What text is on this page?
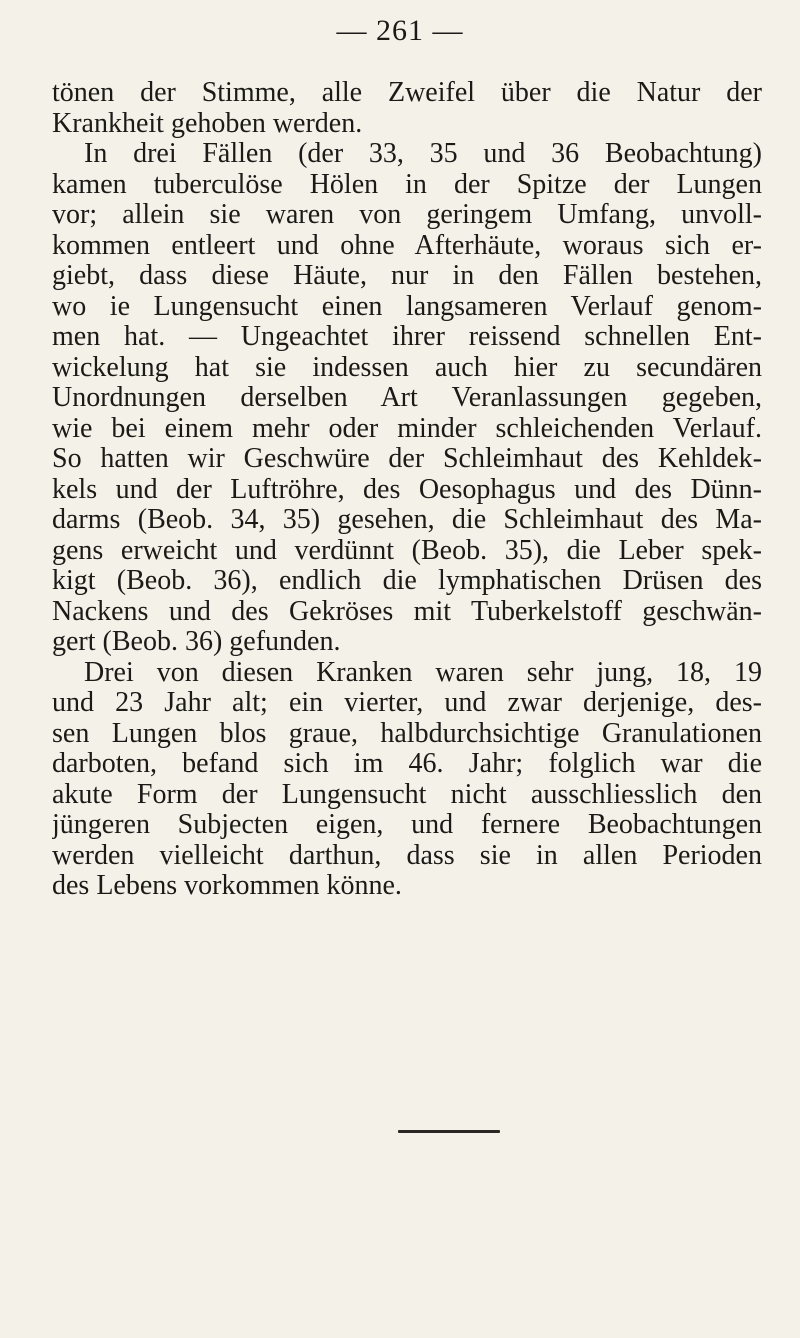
— 261 —
tönen der Stimme, alle Zweifel über die Natur der
Krankheit gehoben werden.
In drei Fällen (der 33, 35 und 36 Beobachtung)
kamen tuberculöse Hölen in der Spitze der Lungen
vor; allein sie waren von geringem Umfang, unvoll-
kommen entleert und ohne Afterhäute, woraus sich er-
giebt, dass diese Häute, nur in den Fällen bestehen,
wo ie Lungensucht einen langsameren Verlauf genom-
men hat. — Ungeachtet ihrer reissend schnellen Ent-
wickelung hat sie indessen auch hier zu secundären
Unordnungen derselben Art Veranlassungen gegeben,
wie bei einem mehr oder minder schleichenden Verlauf.
So hatten wir Geschwüre der Schleimhaut des Kehldek-
kels und der Luftröhre, des Oesophagus und des Dünn-
darms (Beob. 34, 35) gesehen, die Schleimhaut des Ma-
gens erweicht und verdünnt (Beob. 35), die Leber spek-
kigt (Beob. 36), endlich die lymphatischen Drüsen des
Nackens und des Gekröses mit Tuberkelstoff geschwän-
gert (Beob. 36) gefunden.
Drei von diesen Kranken waren sehr jung, 18, 19
und 23 Jahr alt; ein vierter, und zwar derjenige, des-
sen Lungen blos graue, halbdurchsichtige Granulationen
darboten, befand sich im 46. Jahr; folglich war die
akute Form der Lungensucht nicht ausschliesslich den
jüngeren Subjecten eigen, und fernere Beobachtungen
werden vielleicht darthun, dass sie in allen Perioden
des Lebens vorkommen könne.
